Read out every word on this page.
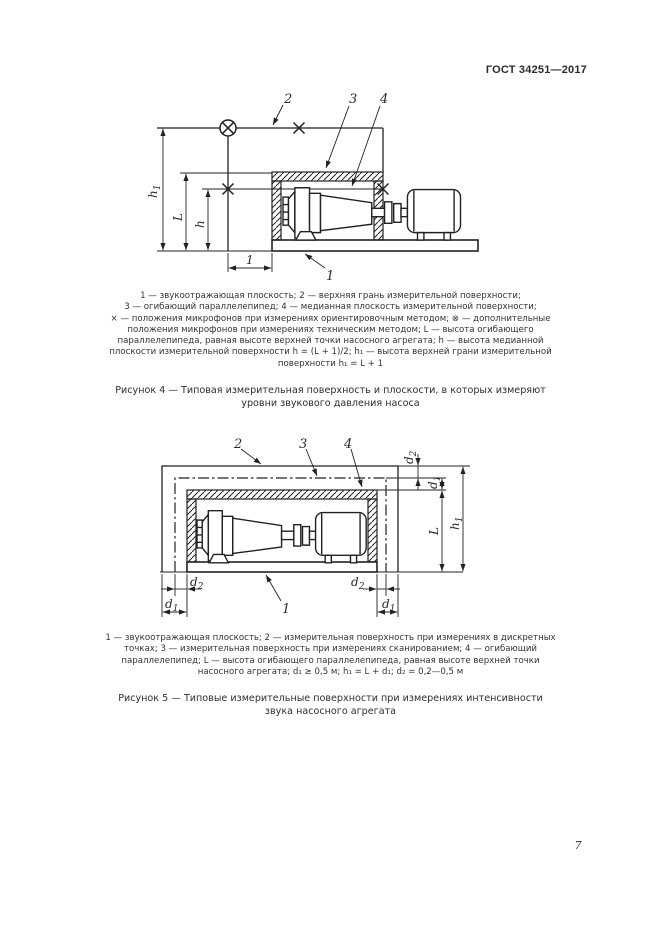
ГОСТ 34251—2017
$h_1$
L
h
1
2	3 4
1
1 — звукоотражающая плоскость; 2 — верхняя грань измерительной поверхности;
3 — огибающий параллелепипед; 4 — медианная плоскость измерительной поверхности;
× — положения микрофонов при измерениях ориентировочным методом; ⊗ — дополнительные
положения микрофонов при измерениях техническим методом; L — высота огибающего
параллелепипеда, равная высоте верхней точки насосного агрегата; h — высота медианной
плоскости измерительной поверхности h = (L + 1)/2; h₁ — высота верхней грани измерительной
поверхности h₁ = L + 1
Рисунок 4 — Типовая измерительная поверхность и плоскости, в которых измеряют
уровни звукового давления насоса
$d_2$
$d_1$
L
$h_1$
$d_2$
$d_1$
$d_2$
$d_1$
2	3	4
1
1 — звукоотражающая плоскость; 2 — измерительная поверхность при измерениях в дискретных
точках; 3 — измерительная поверхность при измерениях сканированием; 4 — огибающий
параллелепипед; L — высота огибающего параллелепипеда, равная высоте верхней точки
насосного агрегата; d₁ ≥ 0,5 м; h₁ = L + d₁; d₂ = 0,2—0,5 м
Рисунок 5 — Типовые измерительные поверхности при измерениях интенсивности
звука насосного агрегата
7
